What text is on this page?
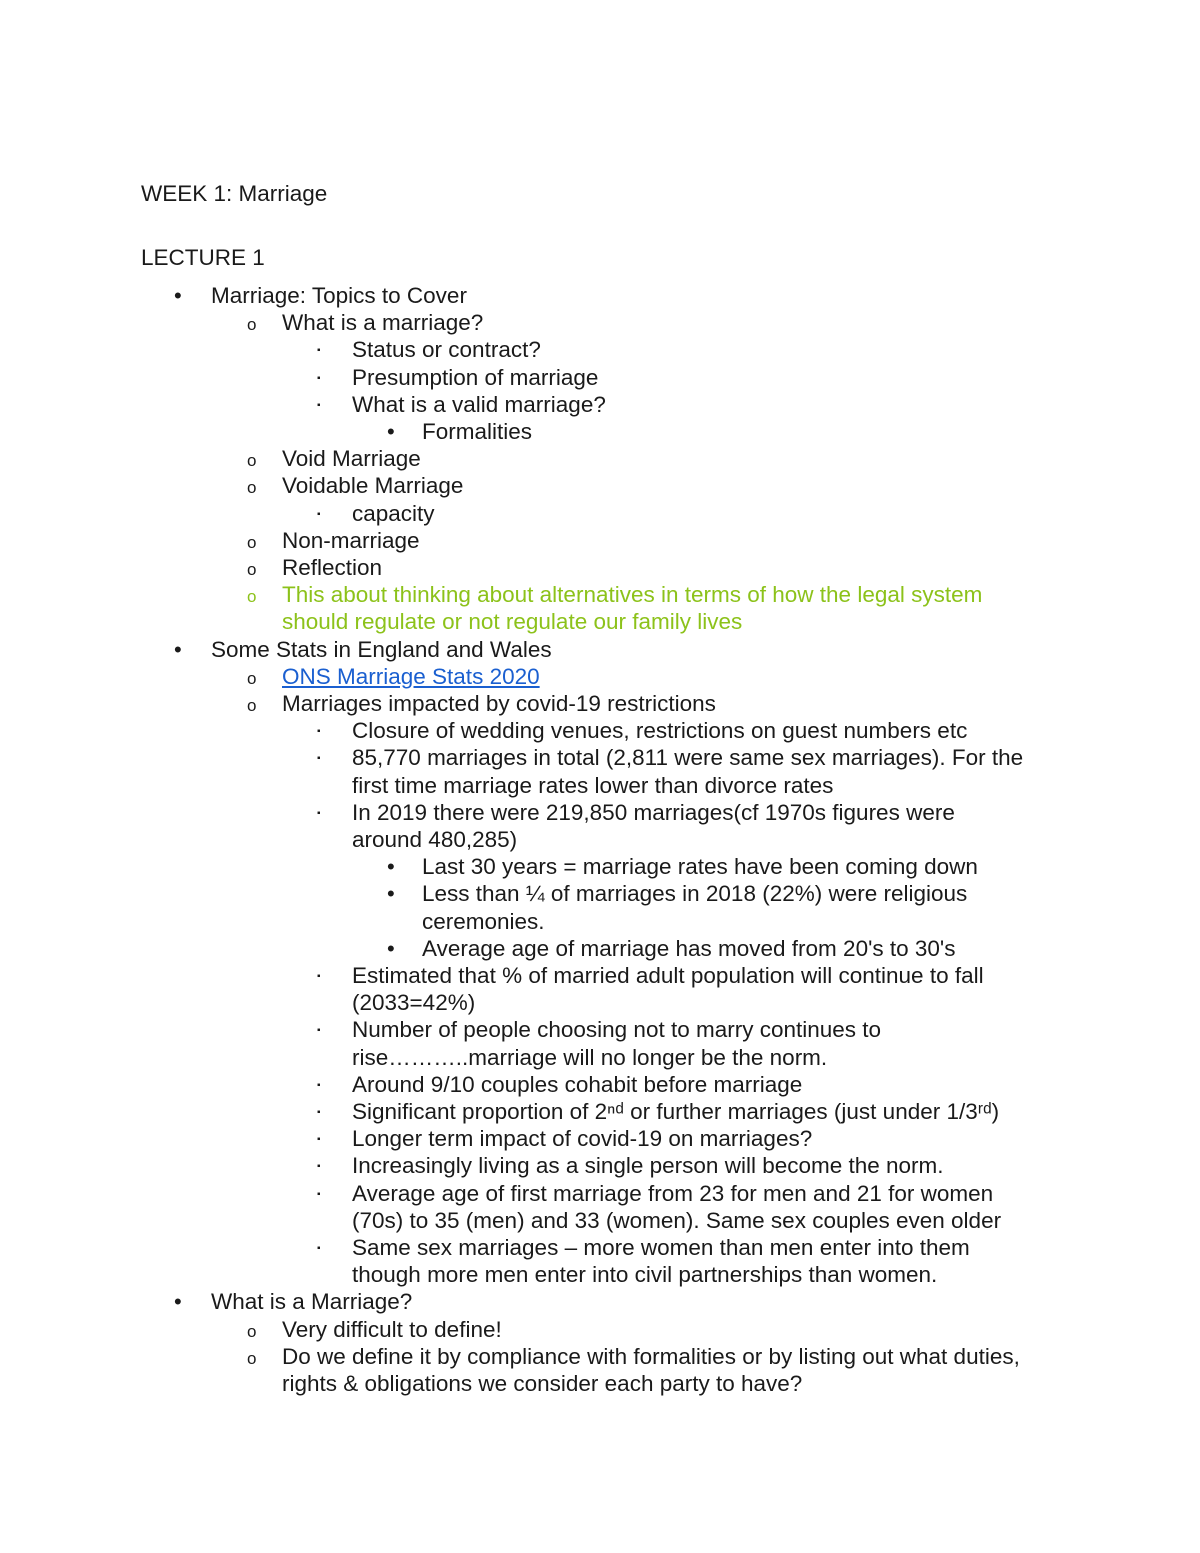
WEEK 1: Marriage
LECTURE 1
• Marriage: Topics to Cover
o What is a marriage?
▪ Status or contract?
▪ Presumption of marriage
▪ What is a valid marriage?
• Formalities
o Void Marriage
o Voidable Marriage
▪ capacity
o Non-marriage
o Reflection
o This about thinking about alternatives in terms of how the legal system
should regulate or not regulate our family lives
• Some Stats in England and Wales
o ONS Marriage Stats 2020
o Marriages impacted by covid-19 restrictions
▪ Closure of wedding venues, restrictions on guest numbers etc
▪ 85,770 marriages in total (2,811 were same sex marriages). For the
first time marriage rates lower than divorce rates
▪ In 2019 there were 219,850 marriages(cf 1970s figures were
around 480,285)
• Last 30 years = marriage rates have been coming down
• Less than ¼ of marriages in 2018 (22%) were religious
ceremonies.
• Average age of marriage has moved from 20's to 30's
▪ Estimated that % of married adult population will continue to fall
(2033=42%)
▪ Number of people choosing not to marry continues to
rise………..marriage will no longer be the norm.
▪ Around 9/10 couples cohabit before marriage
▪ Significant proportion of 2ⁿᵈ or further marriages (just under 1/3ʳᵈ)
▪ Longer term impact of covid-19 on marriages?
▪ Increasingly living as a single person will become the norm.
▪ Average age of first marriage from 23 for men and 21 for women
(70s) to 35 (men) and 33 (women). Same sex couples even older
▪ Same sex marriages – more women than men enter into them
though more men enter into civil partnerships than women.
• What is a Marriage?
o Very difficult to define!
o Do we define it by compliance with formalities or by listing out what duties,
rights & obligations we consider each party to have?
